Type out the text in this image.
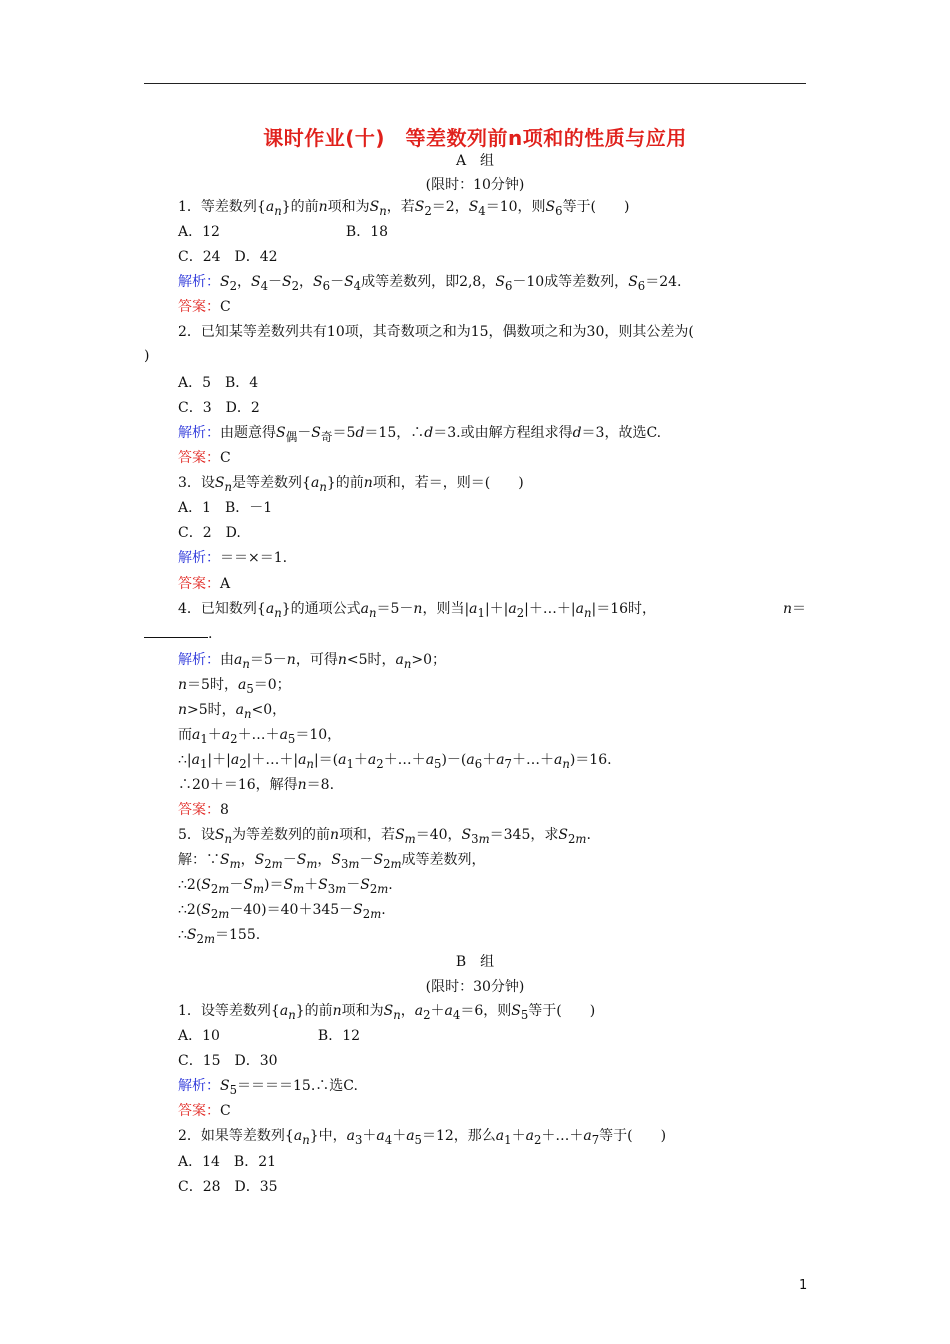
课时作业(十)　等差数列前n项和的性质与应用
A　组
(限时：10分钟)
1．等差数列$\{a_n\}$的前n项和为$S_n$，若$S_2=2$，$S_4=10$，则$S_6$等于(　　)
A．12　　　　　　　　　B．18
C．24　D．42
解析：$S_2$，$S_4-S_2$，$S_6-S_4$成等差数列，即2,8，$S_6-10$成等差数列，$S_6=24$.
答案：C
2．已知某等差数列共有10项，其奇数项之和为15，偶数项之和为30，则其公差为(
)
A．5　B．4
C．3　D．2
解析：由题意得$S_偶-S_奇=5d=15$，∴d＝3.或由解方程组求得d＝3，故选C.
答案：C
3．设$S_n$是等差数列$\{a_n\}$的前n项和，若＝，则＝(　　)
A．1　B．－1
C．2　D.
解析：＝＝×＝1.
答案：A
4．已知数列$\{a_n\}$的通项公式$a_n=5-n$，则当$|a_1|+|a_2|+\dots+|a_n|=16$时，	n＝
.
解析：由$a_n=5-n$，可得n<5时，$a_n>0$；
n＝5时，$a_5=0$；
n>5时，$a_n<0$，
而$a_1+a_2+\dots+a_5=10$，
$\therefore|a_1|+|a_2|+\dots+|a_n|=(a_1+a_2+\dots+a_5)-(a_6+a_7+\dots+a_n)=16$.
∴20＋＝16，解得n＝8.
答案：8
5．设$S_n$为等差数列的前n项和，若$S_m=40$，$S_{3m}=345$，求$S_{2m}$.
解：$\because S_m$，$S_{2m}-S_m$，$S_{3m}-S_{2m}$成等差数列，
$\therefore 2(S_{2m}-S_m)=S_m+S_{3m}-S_{2m}$.
$\therefore 2(S_{2m}-40)=40+345-S_{2m}$.
$\therefore S_{2m}=155$.
B　组
(限时：30分钟)
1．设等差数列$\{a_n\}$的前n项和为$S_n$，$a_2+a_4=6$，则$S_5$等于(　　)
A．10　　　　　　　B．12
C．15　D．30
解析：$S_5====15.\therefore$选C.
答案：C
2．如果等差数列$\{a_n\}$中，$a_3+a_4+a_5=12$，那么$a_1+a_2+\dots+a_7$等于(　　)
A．14　B．21
C．28　D．35
1
